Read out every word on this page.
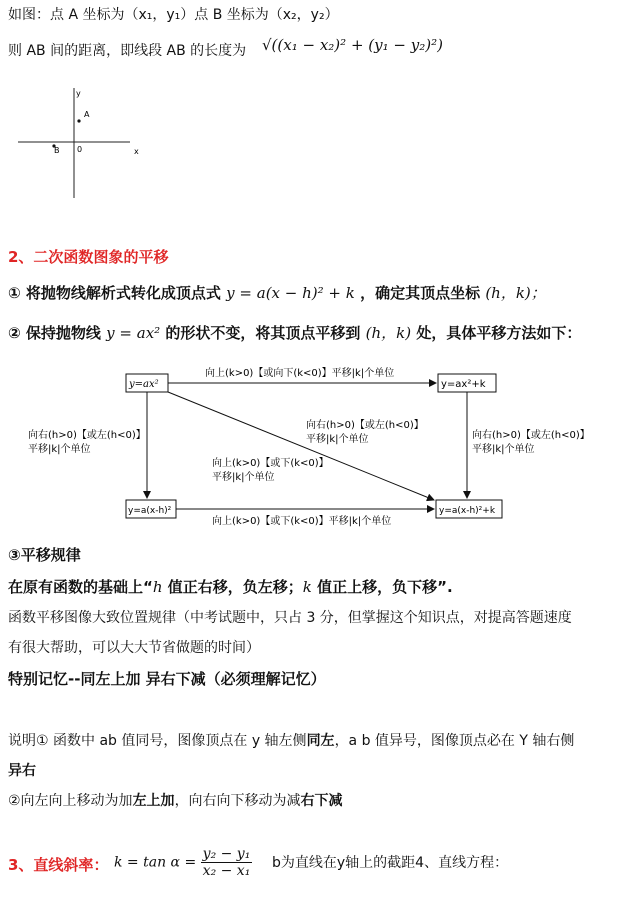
如图：点 A 坐标为（x₁，y₁）点 B 坐标为（x₂，y₂）
则 AB 间的距离，即线段 AB 的长度为 √((x₁ − x₂)² + (y₁ − y₂)²)
y
x
0
A
B
2、二次函数图象的平移
① 将抛物线解析式转化成顶点式 y = a(x − h)² + k ，确定其顶点坐标 (h，k)；
② 保持抛物线 y = ax² 的形状不变，将其顶点平移到 (h，k) 处，具体平移方法如下：
y=ax²	y=ax²+k
y=a(x-h)²	y=a(x-h)²+k
向上(k>0)【或向下(k<0)】平移|k|个单位
向上(k>0)【或下(k<0)】平移|k|个单位
向右(h>0)【或左(h<0)】
平移|k|个单位
向右(h>0)【或左(h<0)】
平移|k|个单位
向右(h>0)【或左(h<0)】
平移|k|个单位
向上(k>0)【或下(k<0)】
平移|k|个单位
③平移规律
在原有函数的基础上“h 值正右移，负左移；k 值正上移，负下移”.
函数平移图像大致位置规律（中考试题中，只占 3 分，但掌握这个知识点，对提高答题速度
有很大帮助，可以大大节省做题的时间）
特别记忆--同左上加 异右下减（必须理解记忆）
说明① 函数中 ab 值同号，图像顶点在 y 轴左侧同左，a b 值异号，图像顶点必在 Y 轴右侧
异右
②向左向上移动为加左上加，向右向下移动为减右下减
3、直线斜率： $k = \tan \alpha = \frac{\text{y₂ − y₁}}{\text{x₂ − x₁}}$ b为直线在y轴上的截距4、直线方程：
